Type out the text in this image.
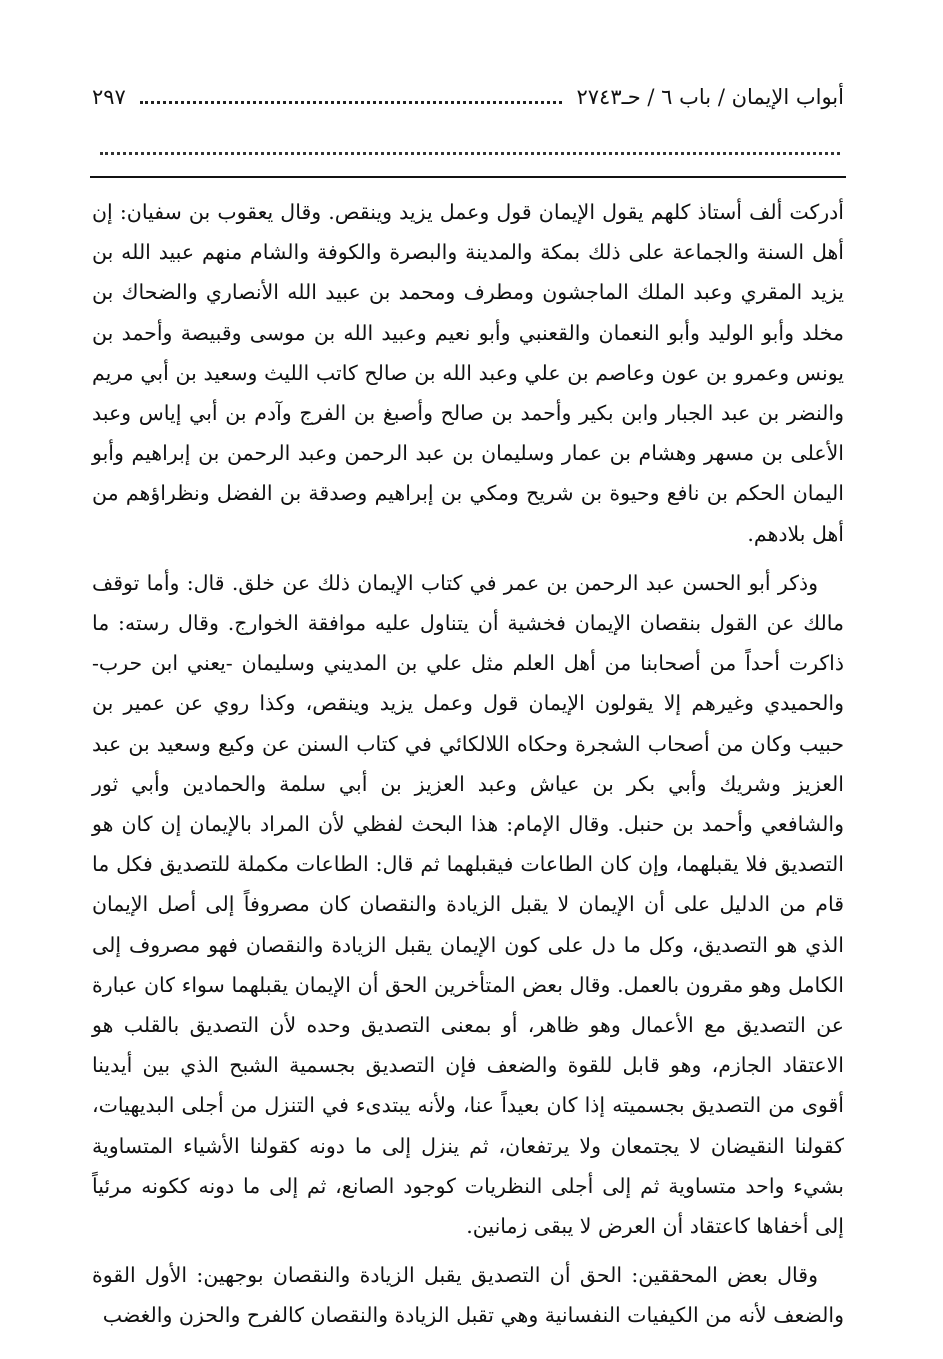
أبواب الإيمان / باب ٦ / حـ٢٧٤٣
٢٩٧

أدركت ألف أستاذ كلهم يقول الإيمان قول وعمل يزيد وينقص. وقال يعقوب بن سفيان: إن أهل السنة والجماعة على ذلك بمكة والمدينة والبصرة والكوفة والشام منهم عبيد الله بن يزيد المقري وعبد الملك الماجشون ومطرف ومحمد بن عبيد الله الأنصاري والضحاك بن مخلد وأبو الوليد وأبو النعمان والقعنبي وأبو نعيم وعبيد الله بن موسى وقبيصة وأحمد بن يونس وعمرو بن عون وعاصم بن علي وعبد الله بن صالح كاتب الليث وسعيد بن أبي مريم والنضر بن عبد الجبار وابن بكير وأحمد بن صالح وأصبغ بن الفرج وآدم بن أبي إياس وعبد الأعلى بن مسهر وهشام بن عمار وسليمان بن عبد الرحمن وعبد الرحمن بن إبراهيم وأبو اليمان الحكم بن نافع وحيوة بن شريح ومكي بن إبراهيم وصدقة بن الفضل ونظراؤهم من أهل بلادهم.

وذكر أبو الحسن عبد الرحمن بن عمر في كتاب الإيمان ذلك عن خلق. قال: وأما توقف مالك عن القول بنقصان الإيمان فخشية أن يتناول عليه موافقة الخوارج. وقال رسته: ما ذاكرت أحداً من أصحابنا من أهل العلم مثل علي بن المديني وسليمان -يعني ابن حرب- والحميدي وغيرهم إلا يقولون الإيمان قول وعمل يزيد وينقص، وكذا روي عن عمير بن حبيب وكان من أصحاب الشجرة وحكاه اللالكائي في كتاب السنن عن وكيع وسعيد بن عبد العزيز وشريك وأبي بكر بن عياش وعبد العزيز بن أبي سلمة والحمادين وأبي ثور والشافعي وأحمد بن حنبل. وقال الإمام: هذا البحث لفظي لأن المراد بالإيمان إن كان هو التصديق فلا يقبلهما، وإن كان الطاعات فيقبلهما ثم قال: الطاعات مكملة للتصديق فكل ما قام من الدليل على أن الإيمان لا يقبل الزيادة والنقصان كان مصروفاً إلى أصل الإيمان الذي هو التصديق، وكل ما دل على كون الإيمان يقبل الزيادة والنقصان فهو مصروف إلى الكامل وهو مقرون بالعمل. وقال بعض المتأخرين الحق أن الإيمان يقبلهما سواء كان عبارة عن التصديق مع الأعمال وهو ظاهر، أو بمعنى التصديق وحده لأن التصديق بالقلب هو الاعتقاد الجازم، وهو قابل للقوة والضعف فإن التصديق بجسمية الشبح الذي بين أيدينا أقوى من التصديق بجسميته إذا كان بعيداً عنا، ولأنه يبتدىء في التنزل من أجلى البديهيات، كقولنا النقيضان لا يجتمعان ولا يرتفعان، ثم ينزل إلى ما دونه كقولنا الأشياء المتساوية بشيء واحد متساوية ثم إلى أجلى النظريات كوجود الصانع، ثم إلى ما دونه ككونه مرئياً إلى أخفاها كاعتقاد أن العرض لا يبقى زمانين.

وقال بعض المحققين: الحق أن التصديق يقبل الزيادة والنقصان بوجهين: الأول القوة والضعف لأنه من الكيفيات النفسانية وهي تقبل الزيادة والنقصان كالفرح والحزن والغضب
